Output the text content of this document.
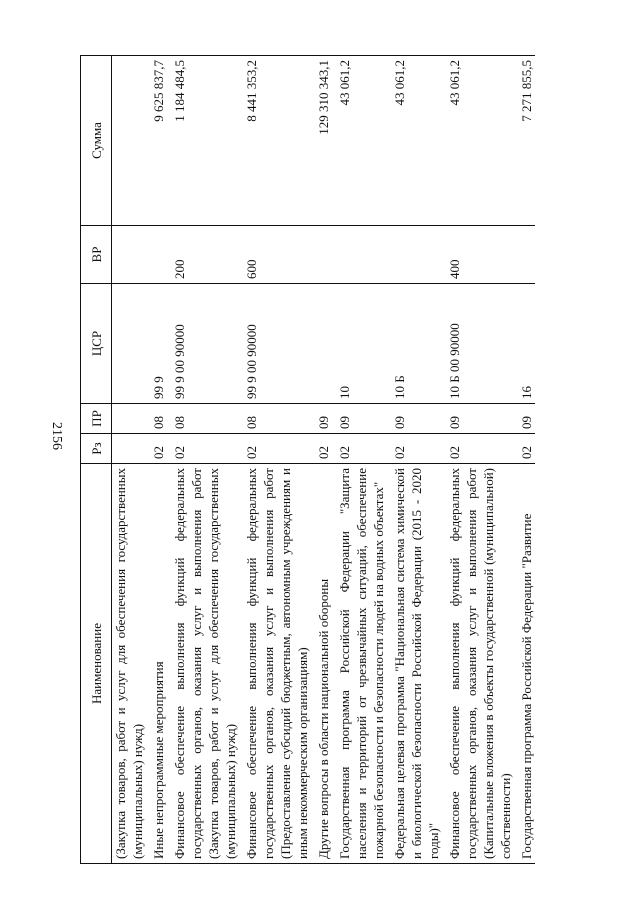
2156
Наименование	Рз	ПР	ЦСР	ВР	Сумма
(Закупка товаров, работ и услуг для обеспечения государственных (муниципальных) нужд)					

Иные непрограммные мероприятия	02	08	99 9		9 625 837,7

Финансовое обеспечение выполнения функций федеральных государственных органов, оказания услуг и выполнения работ (Закупка товаров, работ и услуг для обеспечения государственных (муниципальных) нужд)	02	08	99 9 00 90000	200	1 184 484,5

Финансовое обеспечение выполнения функций федеральных государственных органов, оказания услуг и выполнения работ (Предоставление субсидий бюджетным, автономным учреждениям и иным некоммерческим организациям)	02	08	99 9 00 90000	600	8 441 353,2

Другие вопросы в области национальной обороны	02	09			129 310 343,1

Государственная программа Российской Федерации "Защита населения и территорий от чрезвычайных ситуаций, обеспечение пожарной безопасности и безопасности людей на водных объектах"	02	09	10		43 061,2

Федеральная целевая программа "Национальная система химической и биологической безопасности Российской Федерации (2015 - 2020 годы)"	02	09	10 Б		43 061,2

Финансовое обеспечение выполнения функций федеральных государственных органов, оказания услуг и выполнения работ (Капитальные вложения в объекты государственной (муниципальной) собственности)	02	09	10 Б 00 90000	400	43 061,2

Государственная программа Российской Федерации "Развитие	02	09	16		7 271 855,5
